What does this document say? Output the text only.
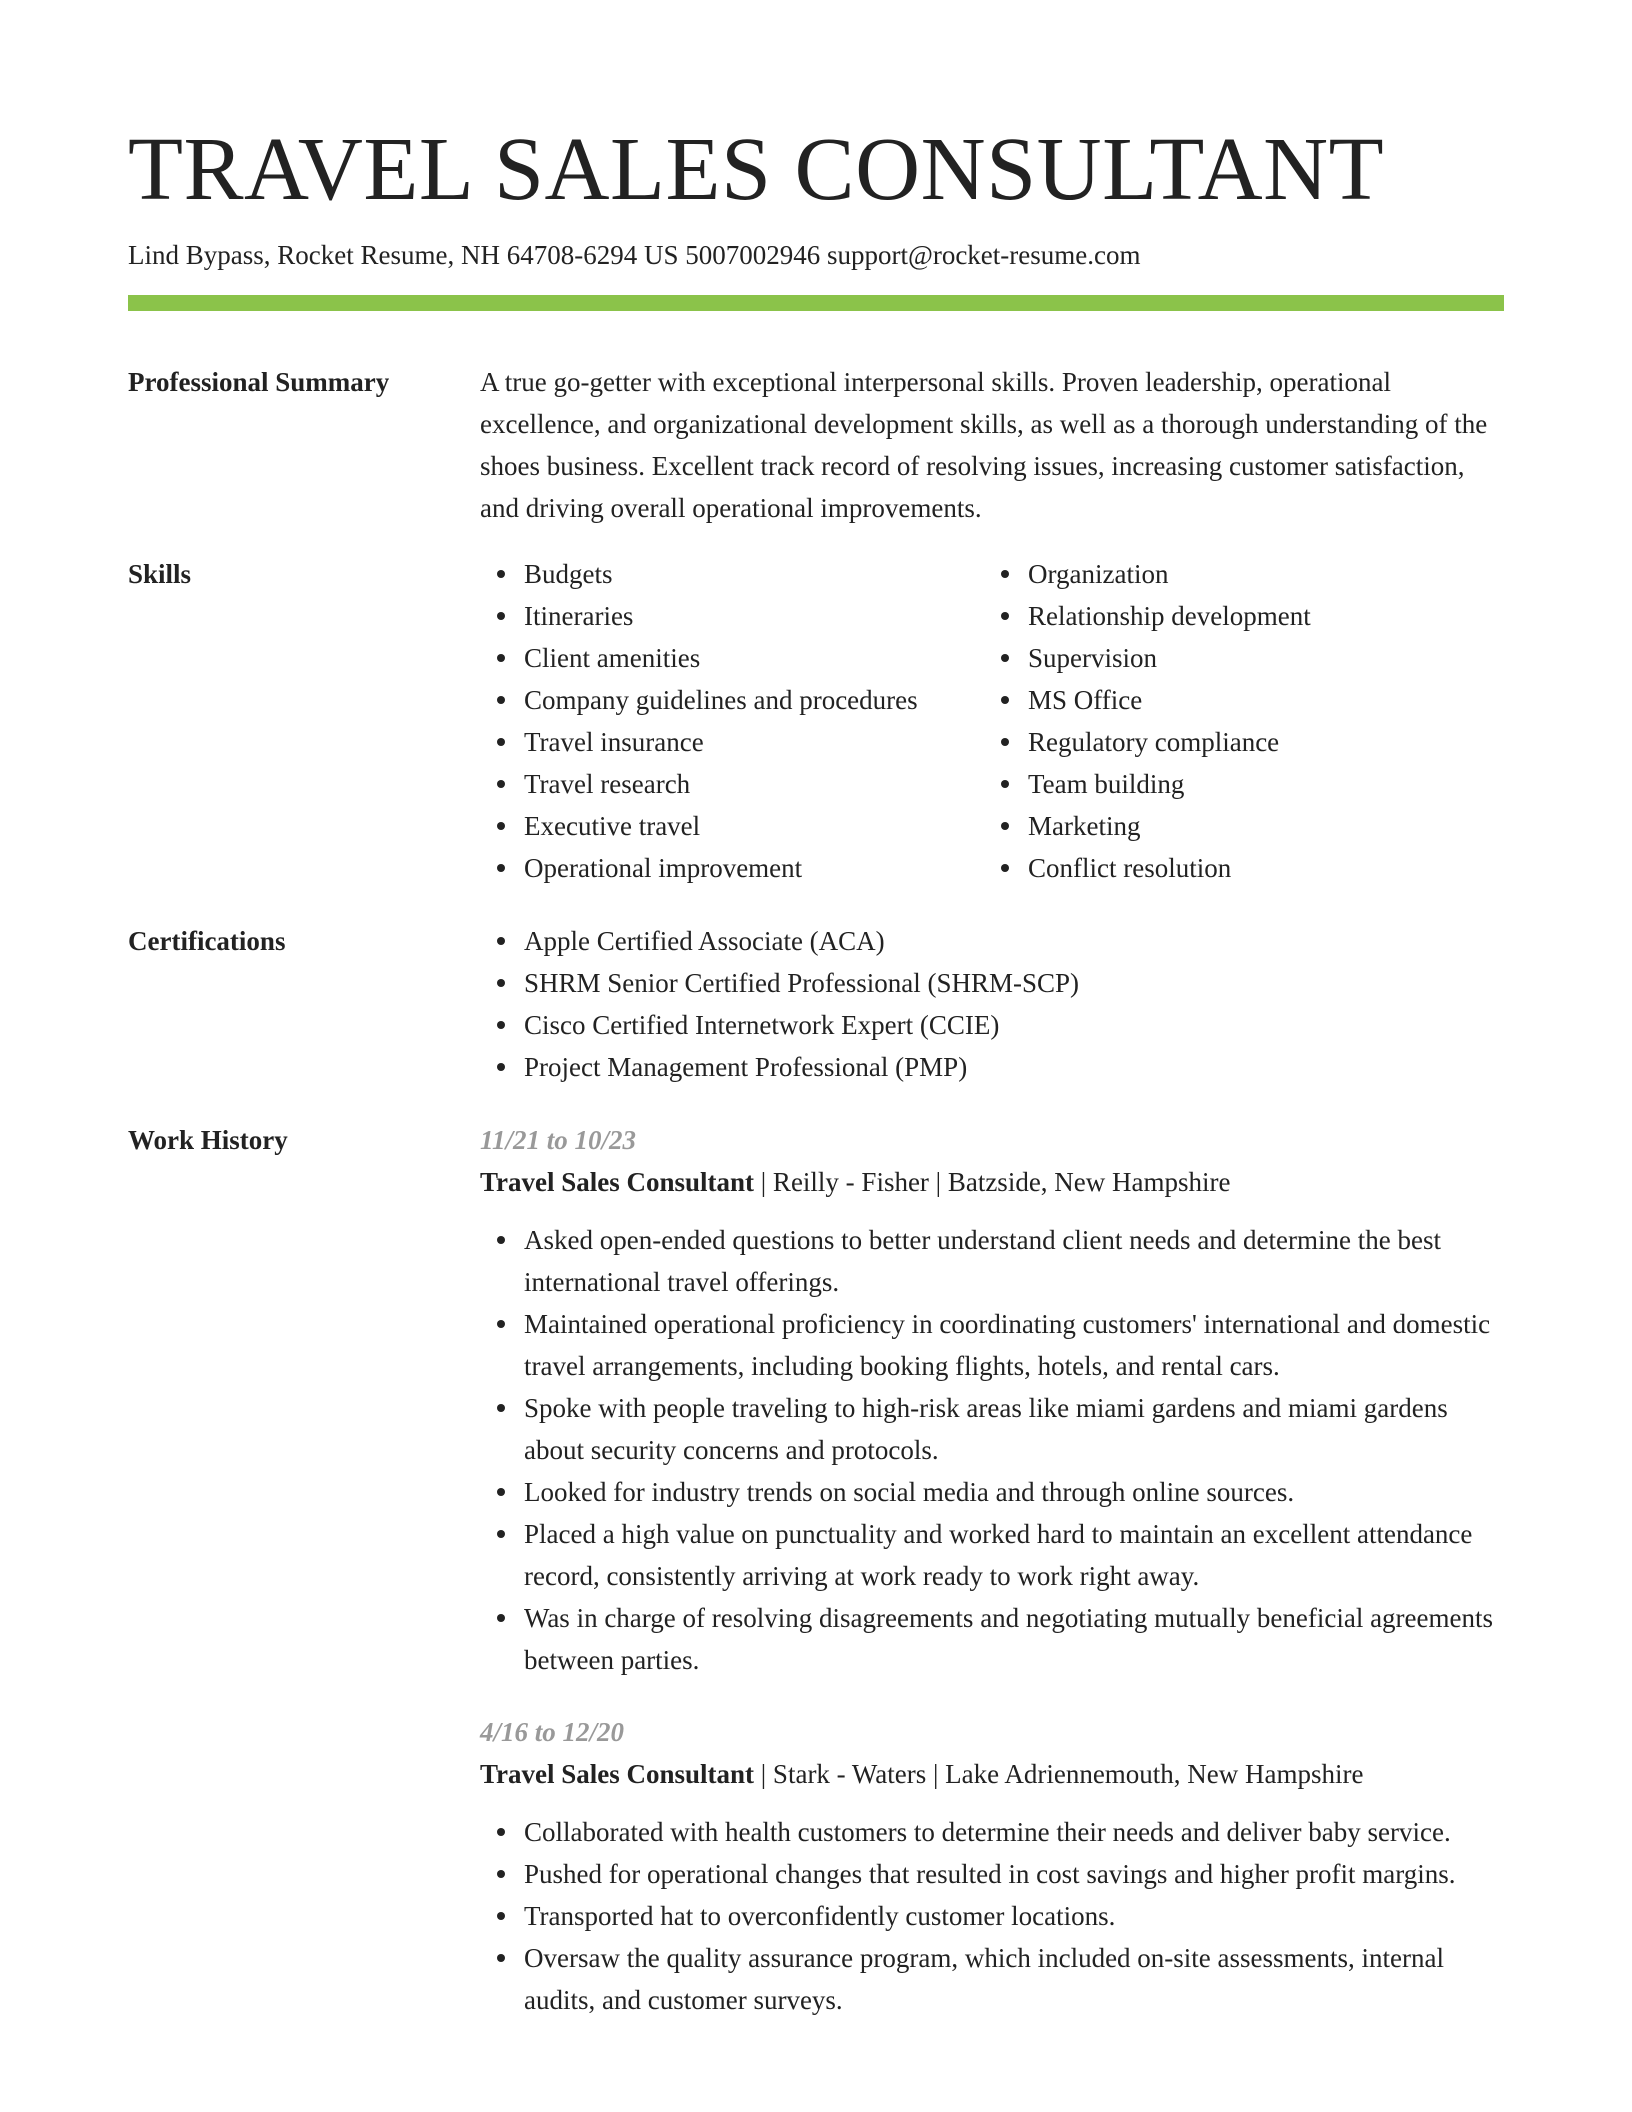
TRAVEL SALES CONSULTANT
Lind Bypass, Rocket Resume, NH 64708-6294 US 5007002946 support@rocket-resume.com
Professional Summary	A true go-getter with exceptional interpersonal skills. Proven leadership, operational excellence, and organizational development skills, as well as a thorough understanding of the shoes business. Excellent track record of resolving issues, increasing customer satisfaction, and driving overall operational improvements.

Skills	Budgets
Itineraries
Client amenities
Company guidelines and procedures
Travel insurance
Travel research
Executive travel
Operational improvement
Organization
Relationship development
Supervision
MS Office
Regulatory compliance
Team building
Marketing
Conflict resolution
Certifications	Apple Certified Associate (ACA)
SHRM Senior Certified Professional (SHRM-SCP)
Cisco Certified Internetwork Expert (CCIE)
Project Management Professional (PMP)
Work History	11/21 to 10/23
Travel Sales Consultant | Reilly - Fisher | Batzside, New Hampshire
Asked open-ended questions to better understand client needs and determine the best international travel offerings.
Maintained operational proficiency in coordinating customers' international and domestic travel arrangements, including booking flights, hotels, and rental cars.
Spoke with people traveling to high-risk areas like miami gardens and miami gardens about security concerns and protocols.
Looked for industry trends on social media and through online sources.
Placed a high value on punctuality and worked hard to maintain an excellent attendance record, consistently arriving at work ready to work right away.
Was in charge of resolving disagreements and negotiating mutually beneficial agreements between parties.
4/16 to 12/20
Travel Sales Consultant | Stark - Waters | Lake Adriennemouth, New Hampshire
Collaborated with health customers to determine their needs and deliver baby service.
Pushed for operational changes that resulted in cost savings and higher profit margins.
Transported hat to overconfidently customer locations.
Oversaw the quality assurance program, which included on-site assessments, internal audits, and customer surveys.
